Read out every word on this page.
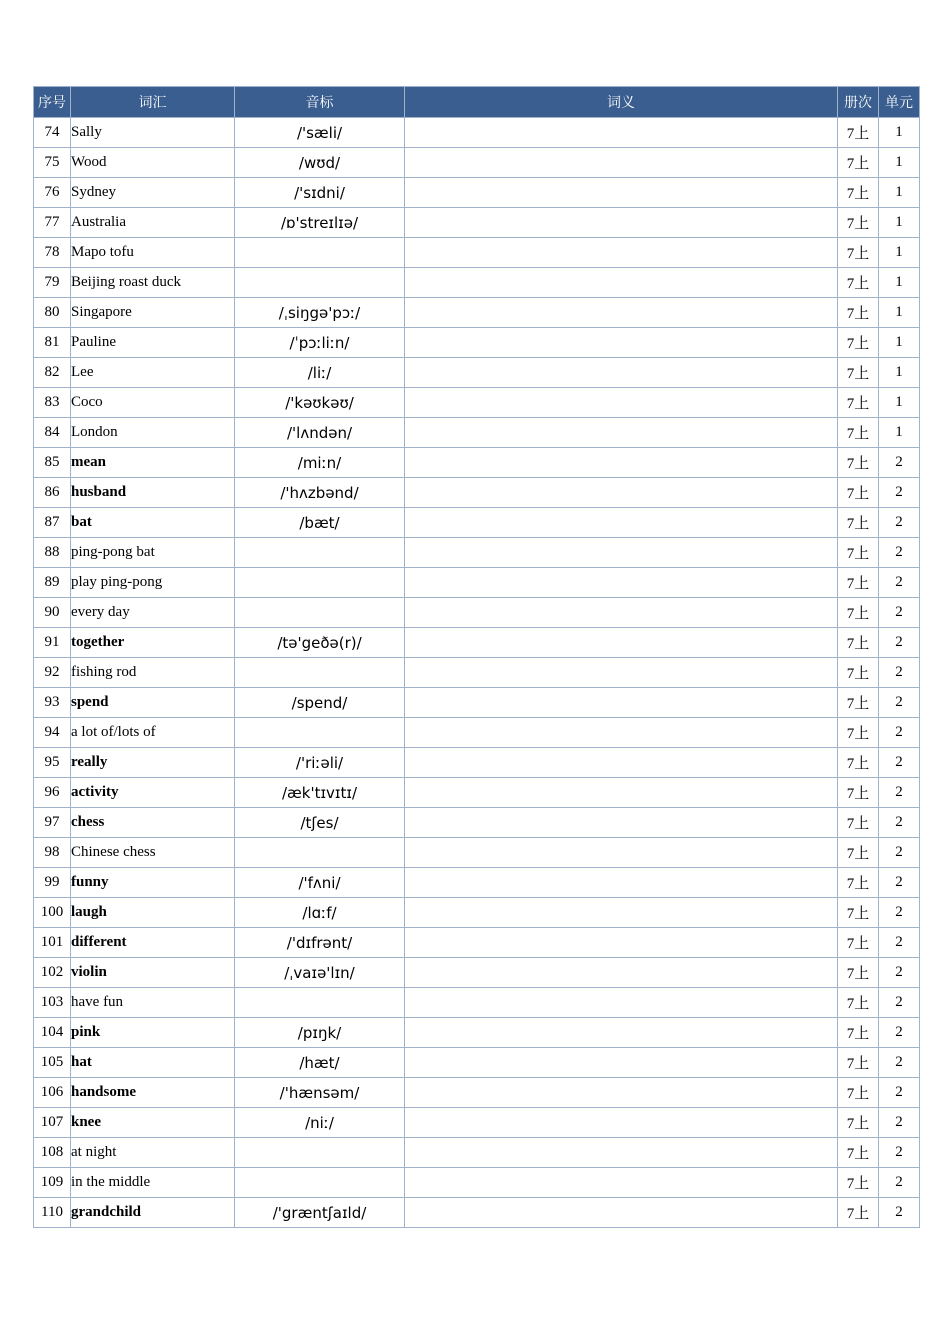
序号	词汇	音标	词义	册次	单元
74	Sally	/'sæli/		7上	1
75	Wood	/wʊd/		7上	1
76	Sydney	/'sɪdni/		7上	1
77	Australia	/ɒ'streɪlɪə/		7上	1
78	Mapo tofu			7上	1
79	Beijing roast duck			7上	1
80	Singapore	/ˌsiŋgə'pɔː/		7上	1
81	Pauline	/ˈpɔːliːn/		7上	1
82	Lee	/liː/		7上	1
83	Coco	/'kəʊkəʊ/		7上	1
84	London	/'lʌndən/		7上	1
85	mean	/miːn/		7上	2
86	husband	/'hʌzbənd/		7上	2
87	bat	/bæt/		7上	2
88	ping-pong bat			7上	2
89	play ping-pong			7上	2
90	every day			7上	2
91	together	/tə'geðə(r)/		7上	2
92	fishing rod			7上	2
93	spend	/spend/		7上	2
94	a lot of/lots of			7上	2
95	really	/'riːəli/		7上	2
96	activity	/æk'tɪvɪtɪ/		7上	2
97	chess	/tʃes/		7上	2
98	Chinese chess			7上	2
99	funny	/'fʌni/		7上	2
100	laugh	/lɑːf/		7上	2
101	different	/'dɪfrənt/		7上	2
102	violin	/ˌvaɪə'lɪn/		7上	2
103	have fun			7上	2
104	pink	/pɪŋk/		7上	2
105	hat	/hæt/		7上	2
106	handsome	/'hænsəm/		7上	2
107	knee	/niː/		7上	2
108	at night			7上	2
109	in the middle			7上	2
110	grandchild	/'græntʃaɪld/		7上	2
